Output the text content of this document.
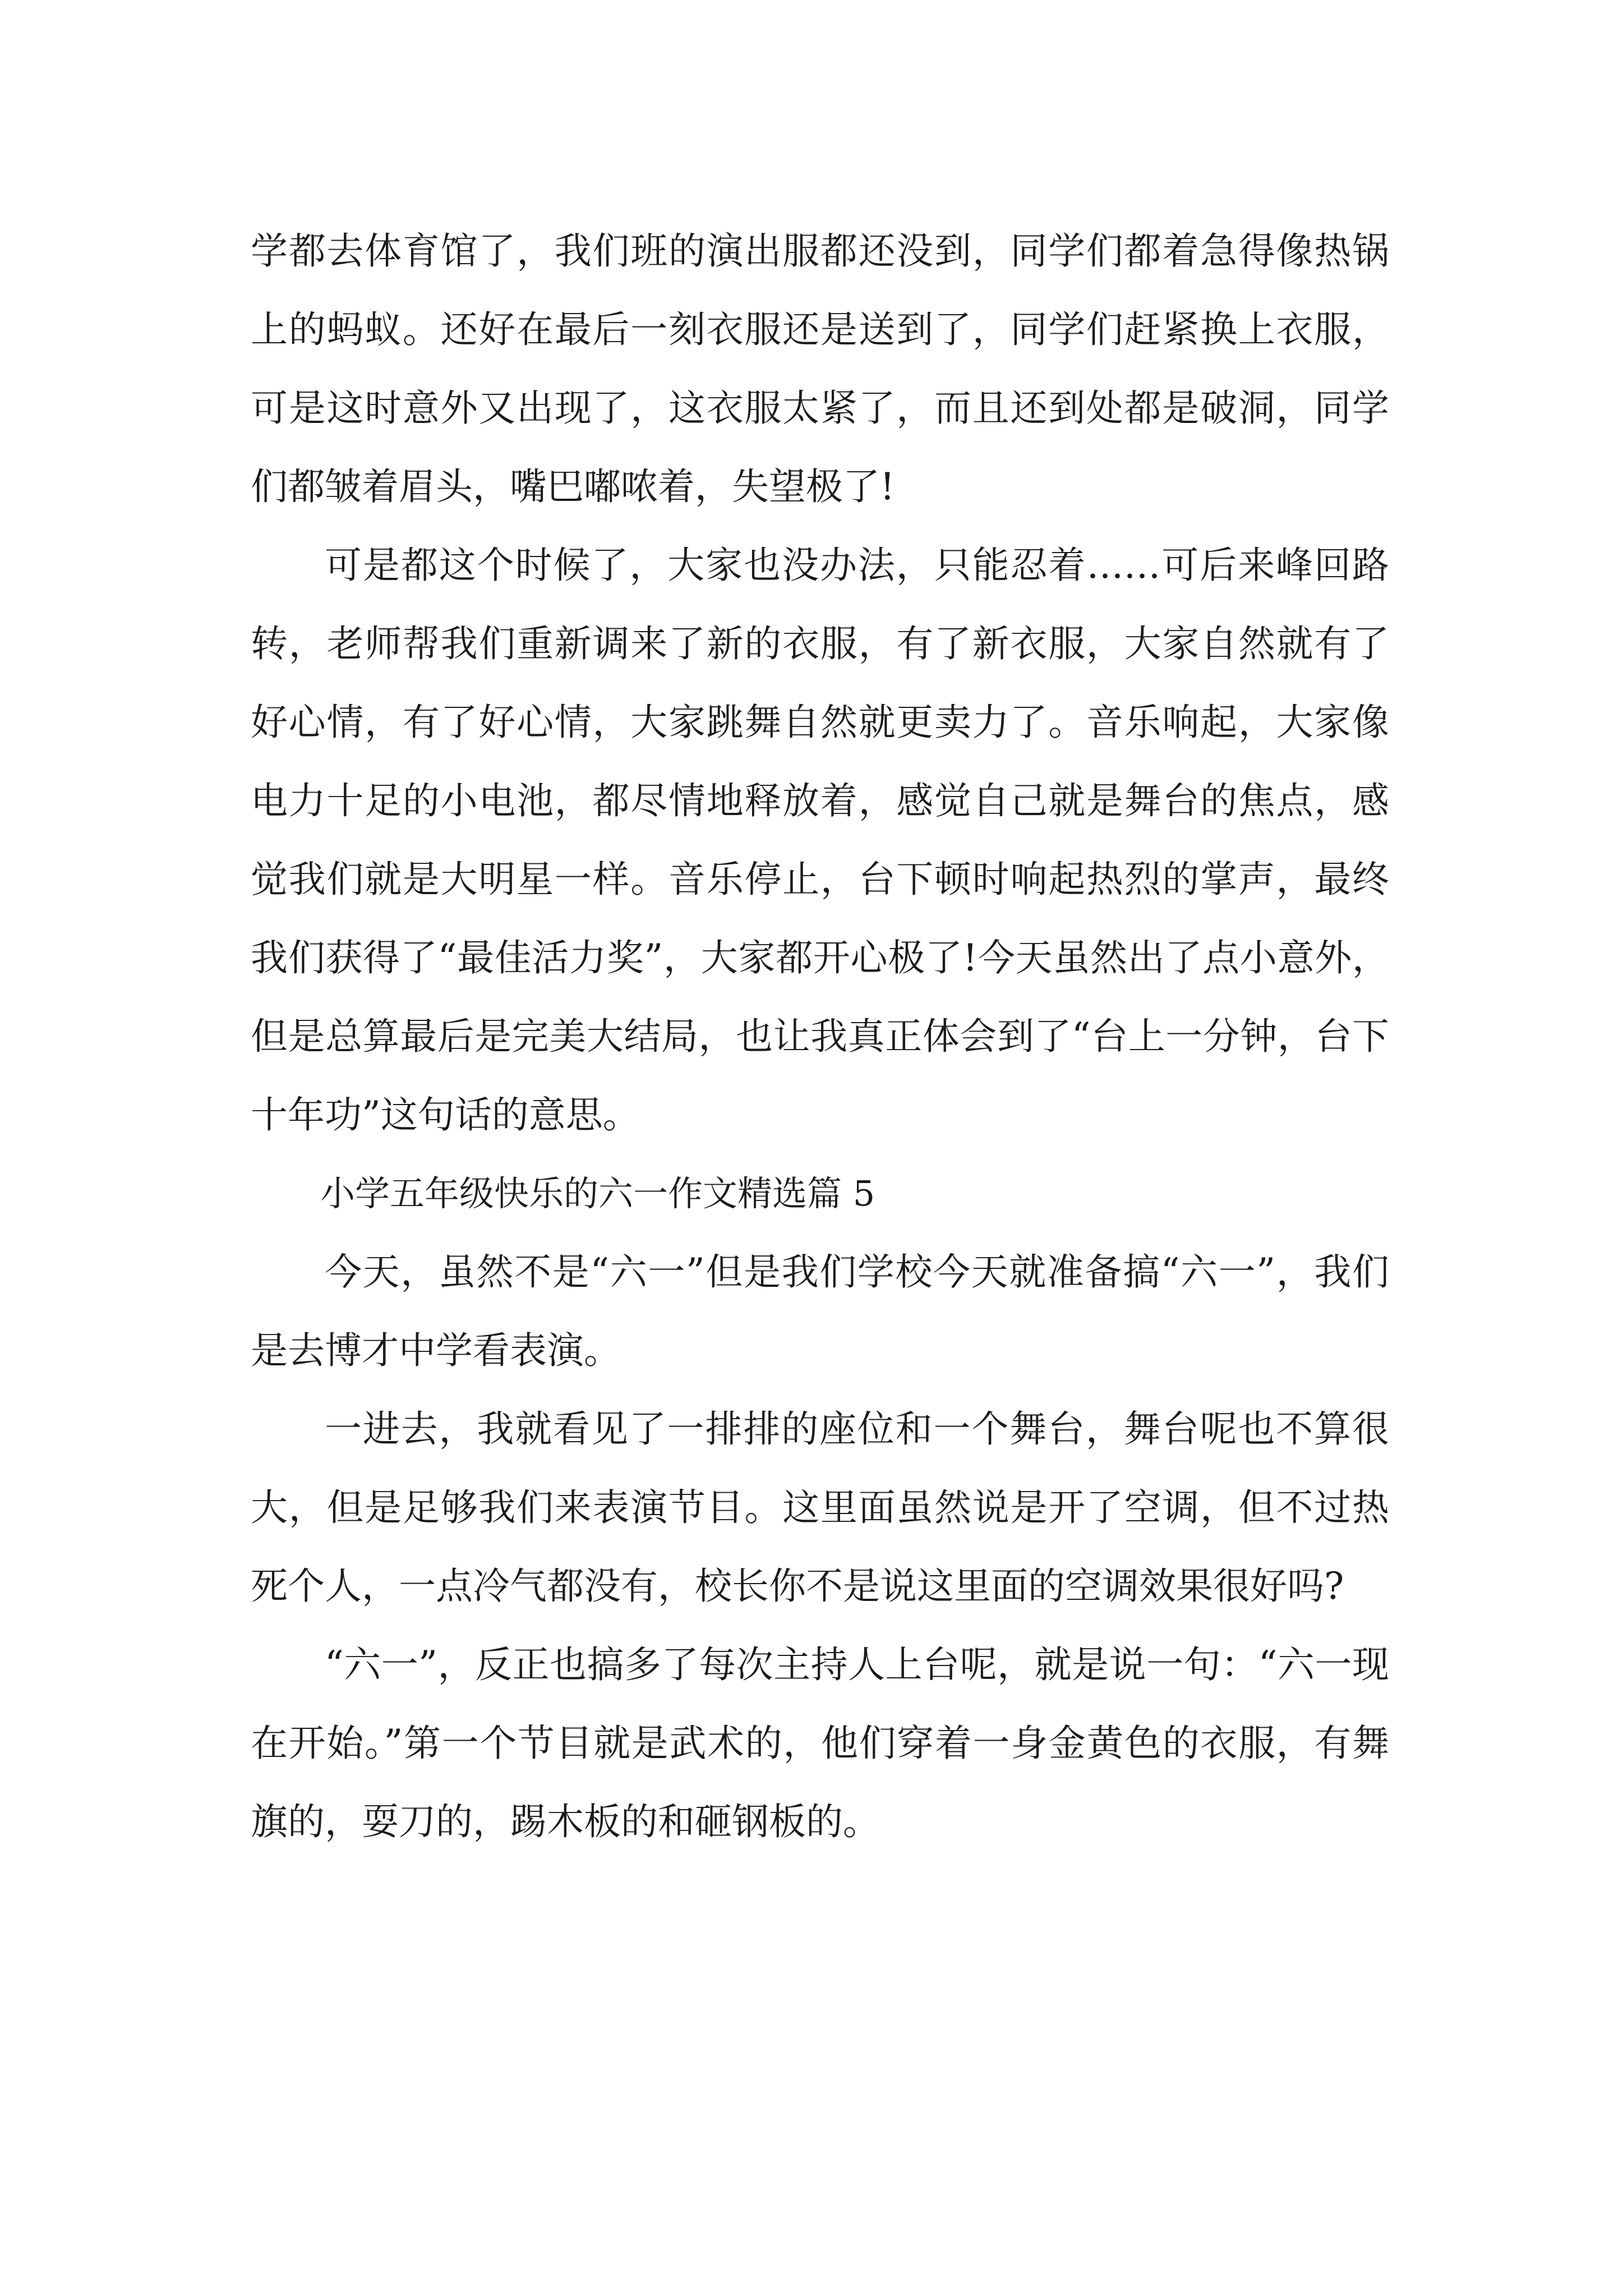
学都去体育馆了，我们班的演出服都还没到，同学们都着急得像热锅上的蚂蚁。还好在最后一刻衣服还是送到了，同学们赶紧换上衣服，可是这时意外又出现了，这衣服太紧了，而且还到处都是破洞，同学们都皱着眉头，嘴巴嘟哝着，失望极了!

可是都这个时候了，大家也没办法，只能忍着……可后来峰回路转，老师帮我们重新调来了新的衣服，有了新衣服，大家自然就有了好心情，有了好心情，大家跳舞自然就更卖力了。音乐响起，大家像电力十足的小电池，都尽情地释放着，感觉自己就是舞台的焦点，感觉我们就是大明星一样。音乐停止，台下顿时响起热烈的掌声，最终我们获得了“最佳活力奖”，大家都开心极了!今天虽然出了点小意外，但是总算最后是完美大结局，也让我真正体会到了“台上一分钟，台下十年功”这句话的意思。

小学五年级快乐的六一作文精选篇 5

今天，虽然不是“六一”但是我们学校今天就准备搞“六一”，我们是去博才中学看表演。

一进去，我就看见了一排排的座位和一个舞台，舞台呢也不算很大，但是足够我们来表演节目。这里面虽然说是开了空调，但不过热死个人，一点冷气都没有，校长你不是说这里面的空调效果很好吗?

“六一”，反正也搞多了每次主持人上台呢，就是说一句：“六一现在开始。”第一个节目就是武术的，他们穿着一身金黄色的衣服，有舞旗的，耍刀的，踢木板的和砸钢板的。
